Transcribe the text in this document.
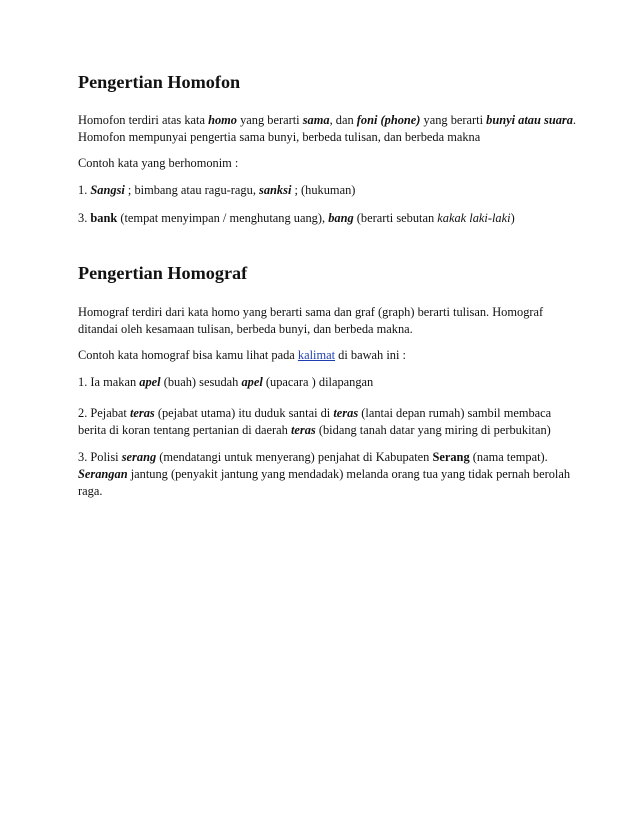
Pengertian Homofon

Homofon terdiri atas kata homo yang berarti sama, dan foni (phone) yang berarti bunyi atau suara. Homofon mempunyai pengertia sama bunyi, berbeda tulisan, dan berbeda makna

Contoh kata yang berhomonim :

1. Sangsi ; bimbang atau ragu-ragu, sanksi ; (hukuman)

3. bank (tempat menyimpan / menghutang uang), bang (berarti sebutan kakak laki-laki)

Pengertian Homograf

Homograf terdiri dari kata homo yang berarti sama dan graf (graph) berarti tulisan. Homograf ditandai oleh kesamaan tulisan, berbeda bunyi, dan berbeda makna.

Contoh kata homograf bisa kamu lihat pada kalimat di bawah ini :

1. Ia makan apel (buah) sesudah apel (upacara ) dilapangan

2. Pejabat teras (pejabat utama) itu duduk santai di teras (lantai depan rumah) sambil membaca berita di koran tentang pertanian di daerah teras (bidang tanah datar yang miring di perbukitan)

3. Polisi serang (mendatangi untuk menyerang) penjahat di Kabupaten Serang (nama tempat).
Serangan jantung (penyakit jantung yang mendadak) melanda orang tua yang tidak pernah berolah raga.
